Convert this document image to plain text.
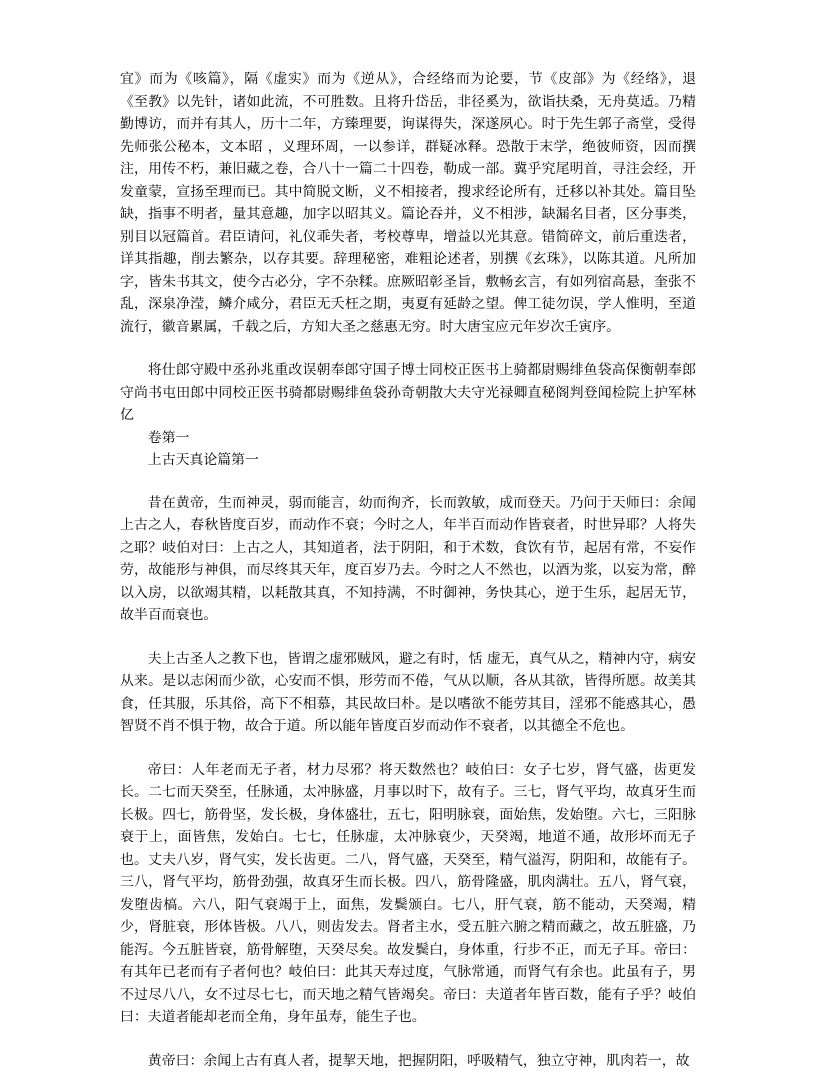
宜》而为《咳篇》，隔《虚实》而为《逆从》，合经络而为论要，节《皮部》为《经络》，退《至教》以先针，诸如此流，不可胜数。且将升岱岳，非径奚为，欲诣扶桑，无舟莫适。乃精勤博访，而并有其人，历十二年，方臻理要，询谋得失，深遂夙心。时于先生郭子斋堂，受得先师张公秘本，文本昭 ，义理环周，一以参详，群疑冰释。恐散于末学，绝彼师资，因而撰注，用传不朽，兼旧藏之卷，合八十一篇二十四卷，勒成一部。冀乎究尾明首，寻注会经，开发童蒙，宣扬至理而已。其中简脱文断，义不相接者，搜求经论所有，迁移以补其处。篇目坠缺，指事不明者，量其意趣，加字以昭其义。篇论吞并，义不相涉，缺漏名目者，区分事类，别目以冠篇首。君臣请问，礼仪乖失者，考校尊卑，增益以光其意。错简碎文，前后重迭者，详其指趣，削去繁杂，以存其要。辞理秘密，难粗论述者，别撰《玄珠》，以陈其道。凡所加字，皆朱书其文，使今古必分，字不杂糅。庶厥昭彰圣旨，敷畅玄言，有如列宿高悬，奎张不乱，深泉净滢，鳞介咸分，君臣无夭枉之期，夷夏有延龄之望。俾工徒勿误，学人惟明，至道流行，徽音累属，千载之后，方知大圣之慈惠无穷。时大唐宝应元年岁次壬寅序。

将仕郎守殿中丞孙兆重改误朝奉郎守国子博士同校正医书上骑都尉赐绯鱼袋高保衡朝奉郎守尚书屯田郎中同校正医书骑都尉赐绯鱼袋孙奇朝散大夫守光禄卿直秘阁判登闻检院上护军林亿

卷第一

上古天真论篇第一

昔在黄帝，生而神灵，弱而能言，幼而徇齐，长而敦敏，成而登天。乃问于天师曰：余闻上古之人，春秋皆度百岁，而动作不衰；今时之人，年半百而动作皆衰者，时世异耶？人将失之耶？岐伯对曰：上古之人，其知道者，法于阴阳，和于术数，食饮有节，起居有常，不妄作劳，故能形与神俱，而尽终其天年，度百岁乃去。今时之人不然也，以酒为浆，以妄为常，醉以入房，以欲竭其精，以耗散其真，不知持满，不时御神，务快其心，逆于生乐，起居无节，故半百而衰也。

夫上古圣人之教下也，皆谓之虚邪贼风，避之有时，恬 虚无，真气从之，精神内守，病安从来。是以志闲而少欲，心安而不惧，形劳而不倦，气从以顺，各从其欲，皆得所愿。故美其食，任其服，乐其俗，高下不相慕，其民故曰朴。是以嗜欲不能劳其目，淫邪不能惑其心，愚智贤不肖不惧于物，故合于道。所以能年皆度百岁而动作不衰者，以其德全不危也。

帝曰：人年老而无子者，材力尽邪？将天数然也？岐伯曰：女子七岁，肾气盛，齿更发长。二七而天癸至，任脉通，太冲脉盛，月事以时下，故有子。三七，肾气平均，故真牙生而长极。四七，筋骨坚，发长极，身体盛壮，五七，阳明脉衰，面始焦，发始堕。六七，三阳脉衰于上，面皆焦，发始白。七七，任脉虚，太冲脉衰少，天癸竭，地道不通，故形坏而无子也。丈夫八岁，肾气实，发长齿更。二八，肾气盛，天癸至，精气溢泻，阴阳和，故能有子。三八，肾气平均，筋骨劲强，故真牙生而长极。四八，筋骨隆盛，肌肉满壮。五八，肾气衰，发堕齿槁。六八，阳气衰竭于上，面焦，发鬓颁白。七八，肝气衰，筋不能动，天癸竭，精少，肾脏衰，形体皆极。八八，则齿发去。肾者主水，受五脏六腑之精而藏之，故五脏盛，乃能泻。今五脏皆衰，筋骨解堕，天癸尽矣。故发鬓白，身体重，行步不正，而无子耳。帝曰：有其年已老而有子者何也？岐伯曰：此其天寿过度，气脉常通，而肾气有余也。此虽有子，男不过尽八八，女不过尽七七，而天地之精气皆竭矣。帝曰：夫道者年皆百数，能有子乎？岐伯曰：夫道者能却老而全角，身年虽寿，能生子也。

黄帝曰：余闻上古有真人者，提挈天地，把握阴阳，呼吸精气，独立守神，肌肉若一，故
